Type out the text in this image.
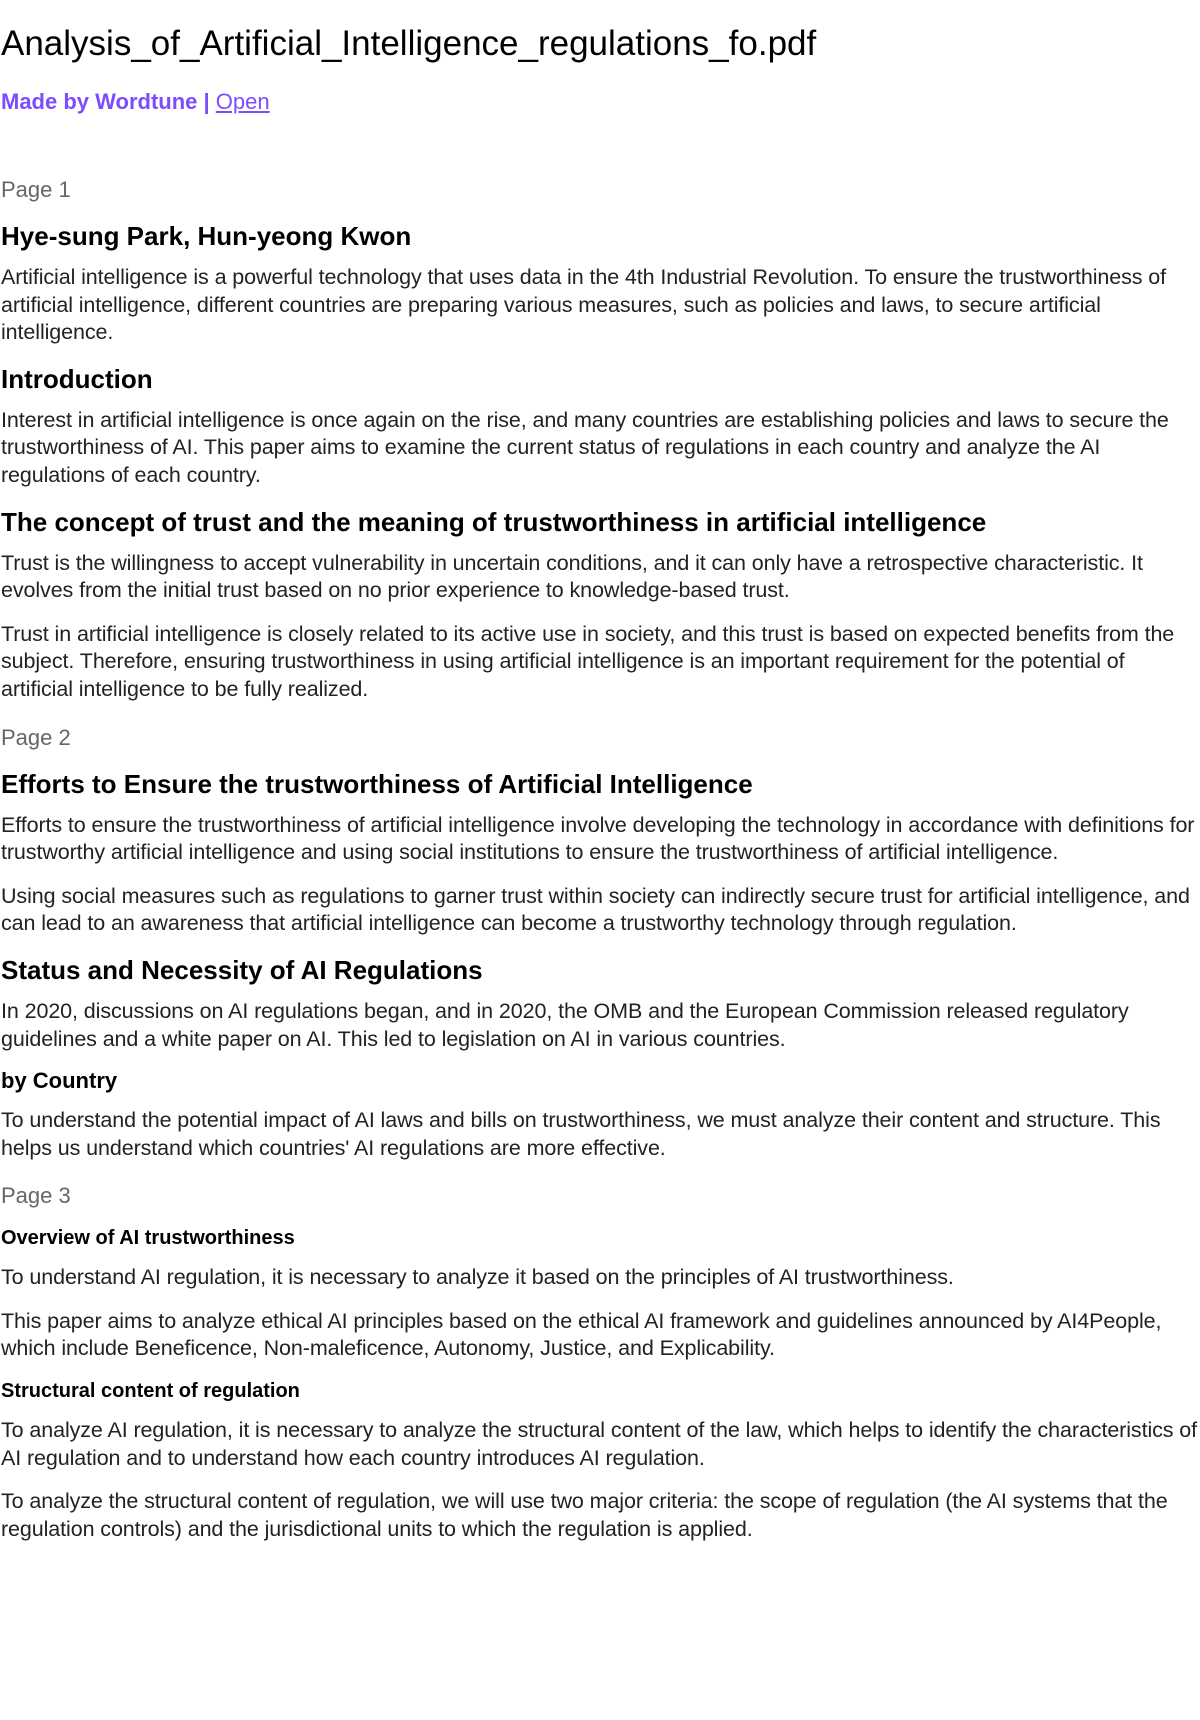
Analysis_of_Artificial_Intelligence_regulations_fo.pdf
Made by Wordtune | Open
Page 1
Hye-sung Park, Hun-yeong Kwon

Artificial intelligence is a powerful technology that uses data in the 4th Industrial Revolution. To ensure the trustworthiness of artificial intelligence, different countries are preparing various measures, such as policies and laws, to secure artificial intelligence.

Introduction

Interest in artificial intelligence is once again on the rise, and many countries are establishing policies and laws to secure the trustworthiness of AI. This paper aims to examine the current status of regulations in each country and analyze the AI regulations of each country.

The concept of trust and the meaning of trustworthiness in artificial intelligence

Trust is the willingness to accept vulnerability in uncertain conditions, and it can only have a retrospective characteristic. It evolves from the initial trust based on no prior experience to knowledge-based trust.

Trust in artificial intelligence is closely related to its active use in society, and this trust is based on expected benefits from the subject. Therefore, ensuring trustworthiness in using artificial intelligence is an important requirement for the potential of artificial intelligence to be fully realized.

Page 2
Efforts to Ensure the trustworthiness of Artificial Intelligence

Efforts to ensure the trustworthiness of artificial intelligence involve developing the technology in accordance with definitions for trustworthy artificial intelligence and using social institutions to ensure the trustworthiness of artificial intelligence.

Using social measures such as regulations to garner trust within society can indirectly secure trust for artificial intelligence, and can lead to an awareness that artificial intelligence can become a trustworthy technology through regulation.

Status and Necessity of AI Regulations

In 2020, discussions on AI regulations began, and in 2020, the OMB and the European Commission released regulatory guidelines and a white paper on AI. This led to legislation on AI in various countries.

by Country

To understand the potential impact of AI laws and bills on trustworthiness, we must analyze their content and structure. This helps us understand which countries' AI regulations are more effective.

Page 3
Overview of AI trustworthiness

To understand AI regulation, it is necessary to analyze it based on the principles of AI trustworthiness.

This paper aims to analyze ethical AI principles based on the ethical AI framework and guidelines announced by AI4People, which include Beneficence, Non-maleficence, Autonomy, Justice, and Explicability.

Structural content of regulation

To analyze AI regulation, it is necessary to analyze the structural content of the law, which helps to identify the characteristics of AI regulation and to understand how each country introduces AI regulation.

To analyze the structural content of regulation, we will use two major criteria: the scope of regulation (the AI systems that the regulation controls) and the jurisdictional units to which the regulation is applied.
